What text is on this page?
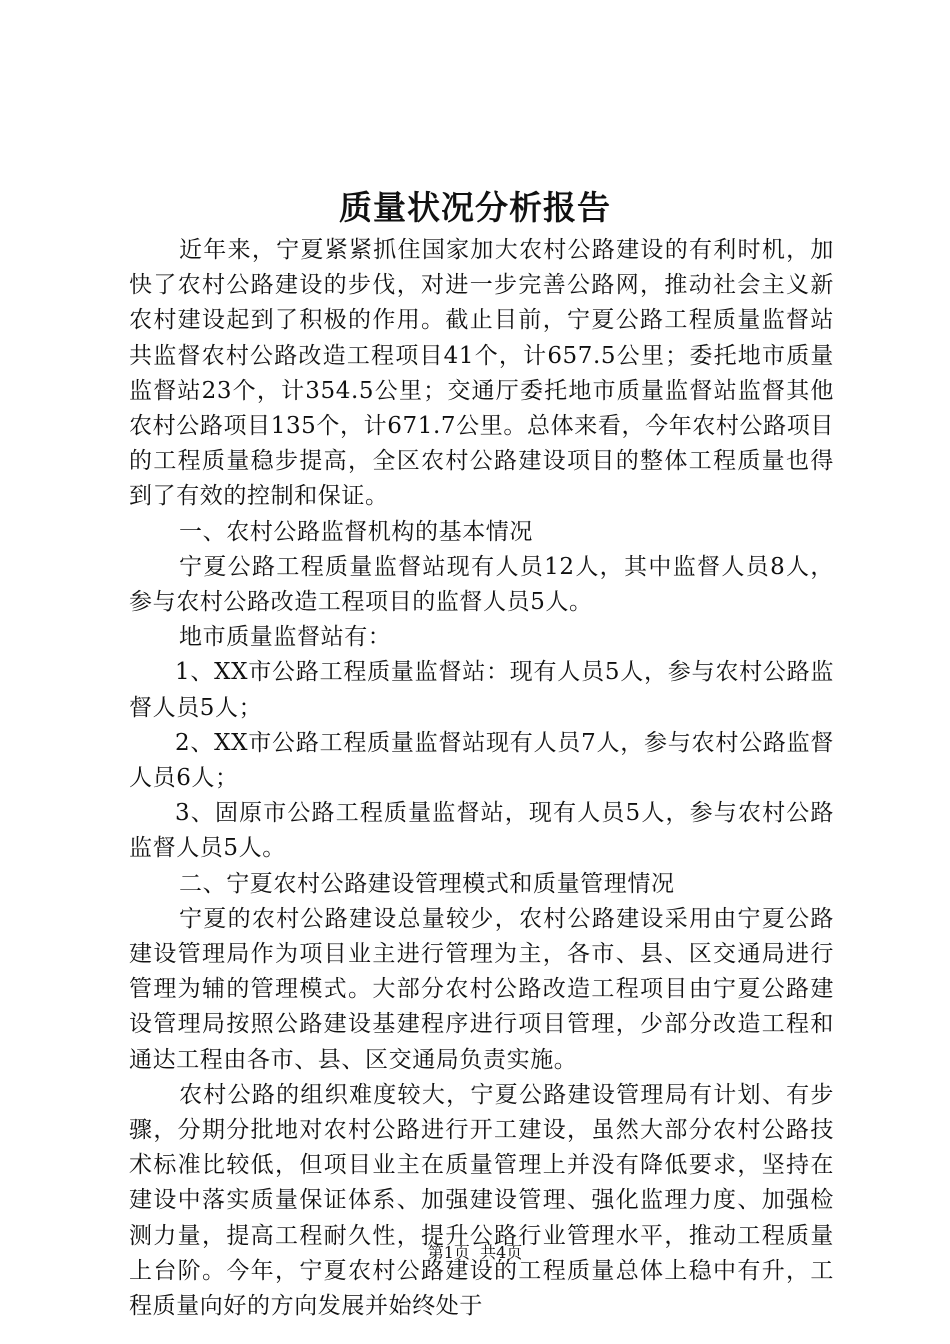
质量状况分析报告

近年来，宁夏紧紧抓住国家加大农村公路建设的有利时机，加快了农村公路建设的步伐，对进一步完善公路网，推动社会主义新农村建设起到了积极的作用。截止目前，宁夏公路工程质量监督站共监督农村公路改造工程项目41个，计657.5公里；委托地市质量监督站23个，计354.5公里；交通厅委托地市质量监督站监督其他农村公路项目135个，计671.7公里。总体来看，今年农村公路项目的工程质量稳步提高，全区农村公路建设项目的整体工程质量也得到了有效的控制和保证。

一、农村公路监督机构的基本情况

宁夏公路工程质量监督站现有人员12人，其中监督人员8人，参与农村公路改造工程项目的监督人员5人。

地市质量监督站有：

1、XX市公路工程质量监督站：现有人员5人，参与农村公路监督人员5人；

2、XX市公路工程质量监督站现有人员7人，参与农村公路监督人员6人；

3、固原市公路工程质量监督站，现有人员5人，参与农村公路监督人员5人。

二、宁夏农村公路建设管理模式和质量管理情况

宁夏的农村公路建设总量较少，农村公路建设采用由宁夏公路建设管理局作为项目业主进行管理为主，各市、县、区交通局进行管理为辅的管理模式。大部分农村公路改造工程项目由宁夏公路建设管理局按照公路建设基建程序进行项目管理，少部分改造工程和通达工程由各市、县、区交通局负责实施。

农村公路的组织难度较大，宁夏公路建设管理局有计划、有步骤，分期分批地对农村公路进行开工建设，虽然大部分农村公路技术标准比较低，但项目业主在质量管理上并没有降低要求，坚持在建设中落实质量保证体系、加强建设管理、强化监理力度、加强检测力量，提高工程耐久性，提升公路行业管理水平，推动工程质量上台阶。今年，宁夏农村公路建设的工程质量总体上稳中有升，工程质量向好的方向发展并始终处于

第1页  共4页
